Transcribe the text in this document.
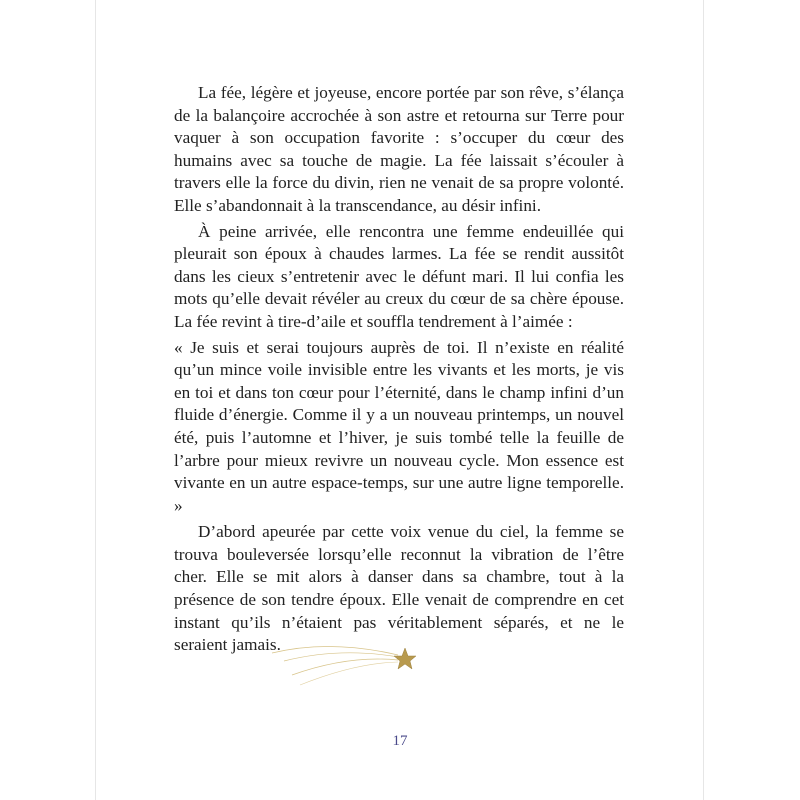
La fée, légère et joyeuse, encore portée par son rêve, s’élança de la balançoire accrochée à son astre et retourna sur Terre pour vaquer à son occupation favorite : s’occuper du cœur des humains avec sa touche de magie. La fée laissait s’écouler à travers elle la force du divin, rien ne venait de sa propre volonté. Elle s’abandonnait à la transcendance, au désir infini.

À peine arrivée, elle rencontra une femme endeuillée qui pleurait son époux à chaudes larmes. La fée se rendit aussitôt dans les cieux s’entretenir avec le défunt mari. Il lui confia les mots qu’elle devait révéler au creux du cœur de sa chère épouse. La fée revint à tire-d’aile et souffla tendrement à l’aimée :

« Je suis et serai toujours auprès de toi. Il n’existe en réalité qu’un mince voile invisible entre les vivants et les morts, je vis en toi et dans ton cœur pour l’éternité, dans le champ infini d’un fluide d’énergie. Comme il y a un nouveau printemps, un nouvel été, puis l’automne et l’hiver, je suis tombé telle la feuille de l’arbre pour mieux revivre un nouveau cycle. Mon essence est vivante en un autre espace-temps, sur une autre ligne temporelle. »

D’abord apeurée par cette voix venue du ciel, la femme se trouva bouleversée lorsqu’elle reconnut la vibration de l’être cher. Elle se mit alors à danser dans sa chambre, tout à la présence de son tendre époux. Elle venait de comprendre en cet instant qu’ils n’étaient pas véritablement séparés, et ne le seraient jamais.

17
